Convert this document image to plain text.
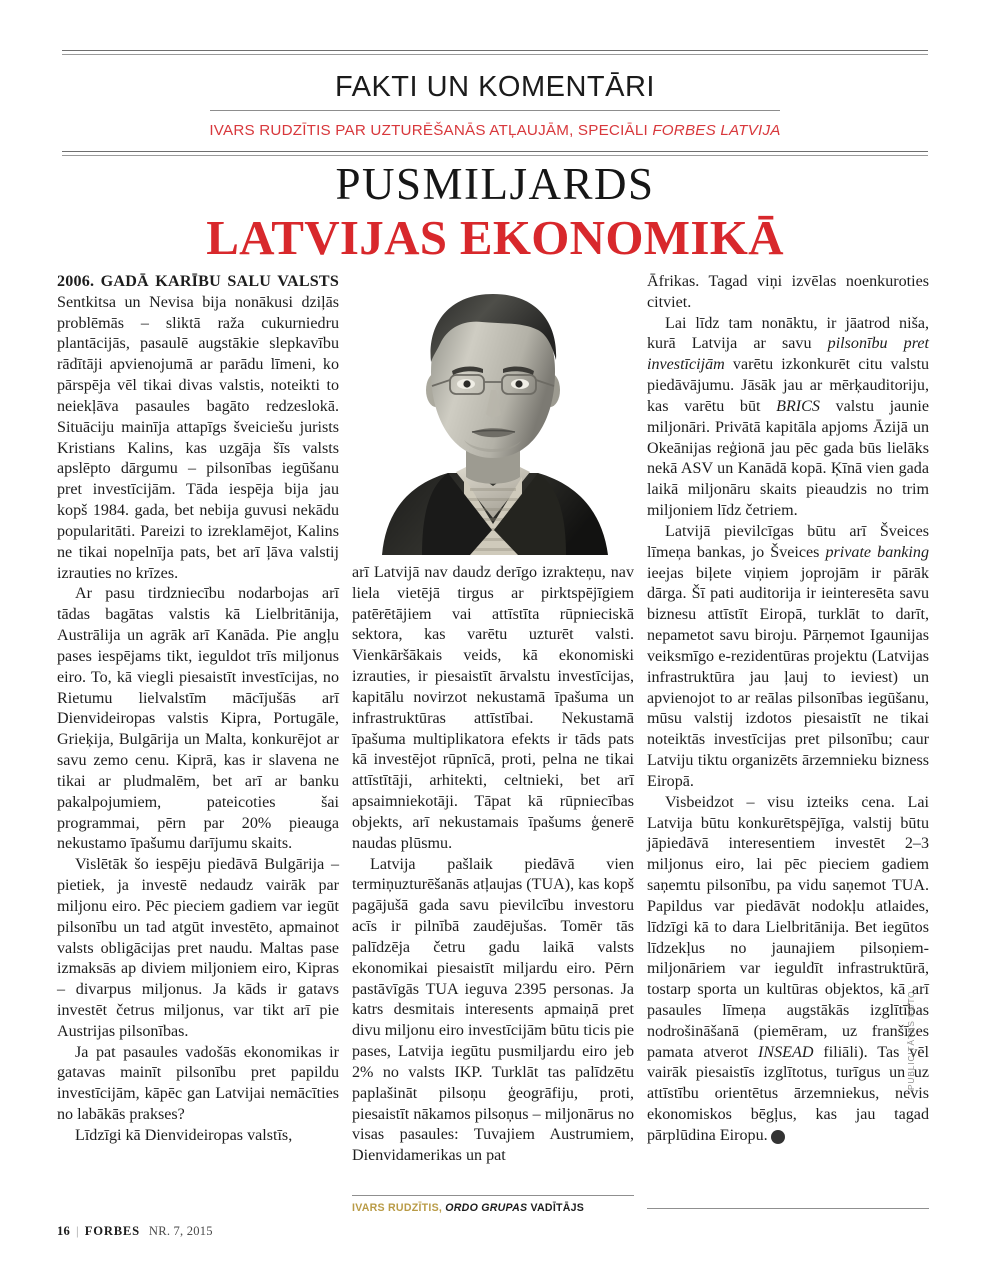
FAKTI UN KOMENTĀRI
IVARS RUDZĪTIS PAR UZTURĒŠANĀS ATĻAUJĀM, SPECIĀLI FORBES LATVIJA
PUSMILJARDS
LATVIJAS EKONOMIKĀ

2006. GADĀ KARĪBU SALU VALSTS Sentkitsa un Nevisa bija nonākusi dziļās problēmās – sliktā raža cukurniedru plantācijās, pasaulē augstākie slepkavību rādītāji apvienojumā ar parādu līmeni, ko pārspēja vēl tikai divas valstis, noteikti to neiekļāva pasaules bagāto redzeslokā. Situāciju mainīja attapīgs šveiciešu jurists Kristians Kalins, kas uzgāja šīs valsts apslēpto dārgumu – pilsonības iegūšanu pret investīcijām. Tāda iespēja bija jau kopš 1984. gada, bet nebija guvusi nekādu popularitāti. Pareizi to izreklamējot, Kalins ne tikai nopelnīja pats, bet arī ļāva valstij izrauties no krīzes.

Ar pasu tirdzniecību nodarbojas arī tādas bagātas valstis kā Lielbritānija, Austrālija un agrāk arī Kanāda. Pie angļu pases iespējams tikt, ieguldot trīs miljonus eiro. To, kā viegli piesaistīt investīcijas, no Rietumu lielvalstīm mācījušās arī Dienvideiropas valstis Kipra, Portugāle, Grieķija, Bulgārija un Malta, konkurējot ar savu zemo cenu. Kiprā, kas ir slavena ne tikai ar pludmalēm, bet arī ar banku pakalpojumiem, pateicoties šai programmai, pērn par 20% pieauga nekustamo īpašumu darījumu skaits.

Vislētāk šo iespēju piedāvā Bulgārija – pietiek, ja investē nedaudz vairāk par miljonu eiro. Pēc pieciem gadiem var iegūt pilsonību un tad atgūt investēto, apmainot valsts obligācijas pret naudu. Maltas pase izmaksās ap diviem miljoniem eiro, Kipras – divarpus miljonus. Ja kāds ir gatavs investēt četrus miljonus, var tikt arī pie Austrijas pilsonības.

Ja pat pasaules vadošās ekonomikas ir gatavas mainīt pilsonību pret papildu investīcijām, kāpēc gan Latvijai nemācīties no labākās prakses?

Līdzīgi kā Dienvideiropas valstīs,

arī Latvijā nav daudz derīgo izrakteņu, nav liela vietējā tirgus ar pirktspējīgiem patērētājiem vai attīstīta rūpnieciskā sektora, kas varētu uzturēt valsti. Vienkāršākais veids, kā ekonomiski izrauties, ir piesaistīt ārvalstu investīcijas, kapitālu novirzot nekustamā īpašuma un infrastruktūras attīstībai. Nekustamā īpašuma multiplikatora efekts ir tāds pats kā investējot rūpnīcā, proti, pelna ne tikai attīstītāji, arhitekti, celtnieki, bet arī apsaimniekotāji. Tāpat kā rūpniecības objekts, arī nekustamais īpašums ģenerē naudas plūsmu.

Latvija pašlaik piedāvā vien termiņuzturēšanās atļaujas (TUA), kas kopš pagājušā gada savu pievilcību investoru acīs ir pilnībā zaudējušas. Tomēr tās palīdzēja četru gadu laikā valsts ekonomikai piesaistīt miljardu eiro. Pērn pastāvīgās TUA ieguva 2395 personas. Ja katrs desmitais interesents apmaiņā pret divu miljonu eiro investīcijām būtu ticis pie pases, Latvija iegūtu pusmiljardu eiro jeb 2% no valsts IKP. Turklāt tas palīdzētu paplašināt pilsoņu ģeogrāfiju, proti, piesaistīt nākamos pilsoņus – miljonārus no visas pasaules: Tuvajiem Austrumiem, Dienvidamerikas un pat

Āfrikas. Tagad viņi izvēlas noenkuroties citviet.

Lai līdz tam nonāktu, ir jāatrod niša, kurā Latvija ar savu pilsonību pret investīcijām varētu izkonkurēt citu valstu piedāvājumu. Jāsāk jau ar mērķauditoriju, kas varētu būt BRICS valstu jaunie miljonāri. Privātā kapitāla apjoms Āzijā un Okeānijas reģionā jau pēc gada būs lielāks nekā ASV un Kanādā kopā. Ķīnā vien gada laikā miljonāru skaits pieaudzis no trim miljoniem līdz četriem.

Latvijā pievilcīgas būtu arī Šveices līmeņa bankas, jo Šveices private banking ieejas biļete viņiem joprojām ir pārāk dārga. Šī pati auditorija ir ieinteresēta savu biznesu attīstīt Eiropā, turklāt to darīt, nepametot savu biroju. Pārņemot Igaunijas veiksmīgo e-rezidentūras projektu (Latvijas infrastruktūra jau ļauj to ieviest) un apvienojot to ar reālas pilsonības iegūšanu, mūsu valstij izdotos piesaistīt ne tikai noteiktās investīcijas pret pilsonību; caur Latviju tiktu organizēts ārzemnieku bizness Eiropā.

Visbeidzot – visu izteiks cena. Lai Latvija būtu konkurētspējīga, valstij būtu jāpiedāvā interesentiem investēt 2–3 miljonus eiro, lai pēc pieciem gadiem saņemtu pilsonību, pa vidu saņemot TUA. Papildus var piedāvāt nodokļu atlaides, līdzīgi kā to dara Lielbritānija. Bet iegūtos līdzekļus no jaunajiem pilsoņiem-miljonāriem var ieguldīt infrastruktūrā, tostarp sporta un kultūras objektos, kā arī pasaules līmeņa augstākās izglītības nodrošināšanā (piemēram, uz franšīzes pamata atverot INSEAD filiāli). Tas vēl vairāk piesaistīs izglītotus, turīgus un uz attīstību orientētus ārzemniekus, nevis ekonomiskos bēgļus, kas jau tagad pārplūdina Eiropu. F

IVARS RUDZĪTIS, ORDO GRUPAS VADĪTĀJS
16 | FORBES NR. 7, 2015
PUBLICITĀTES FOTO
